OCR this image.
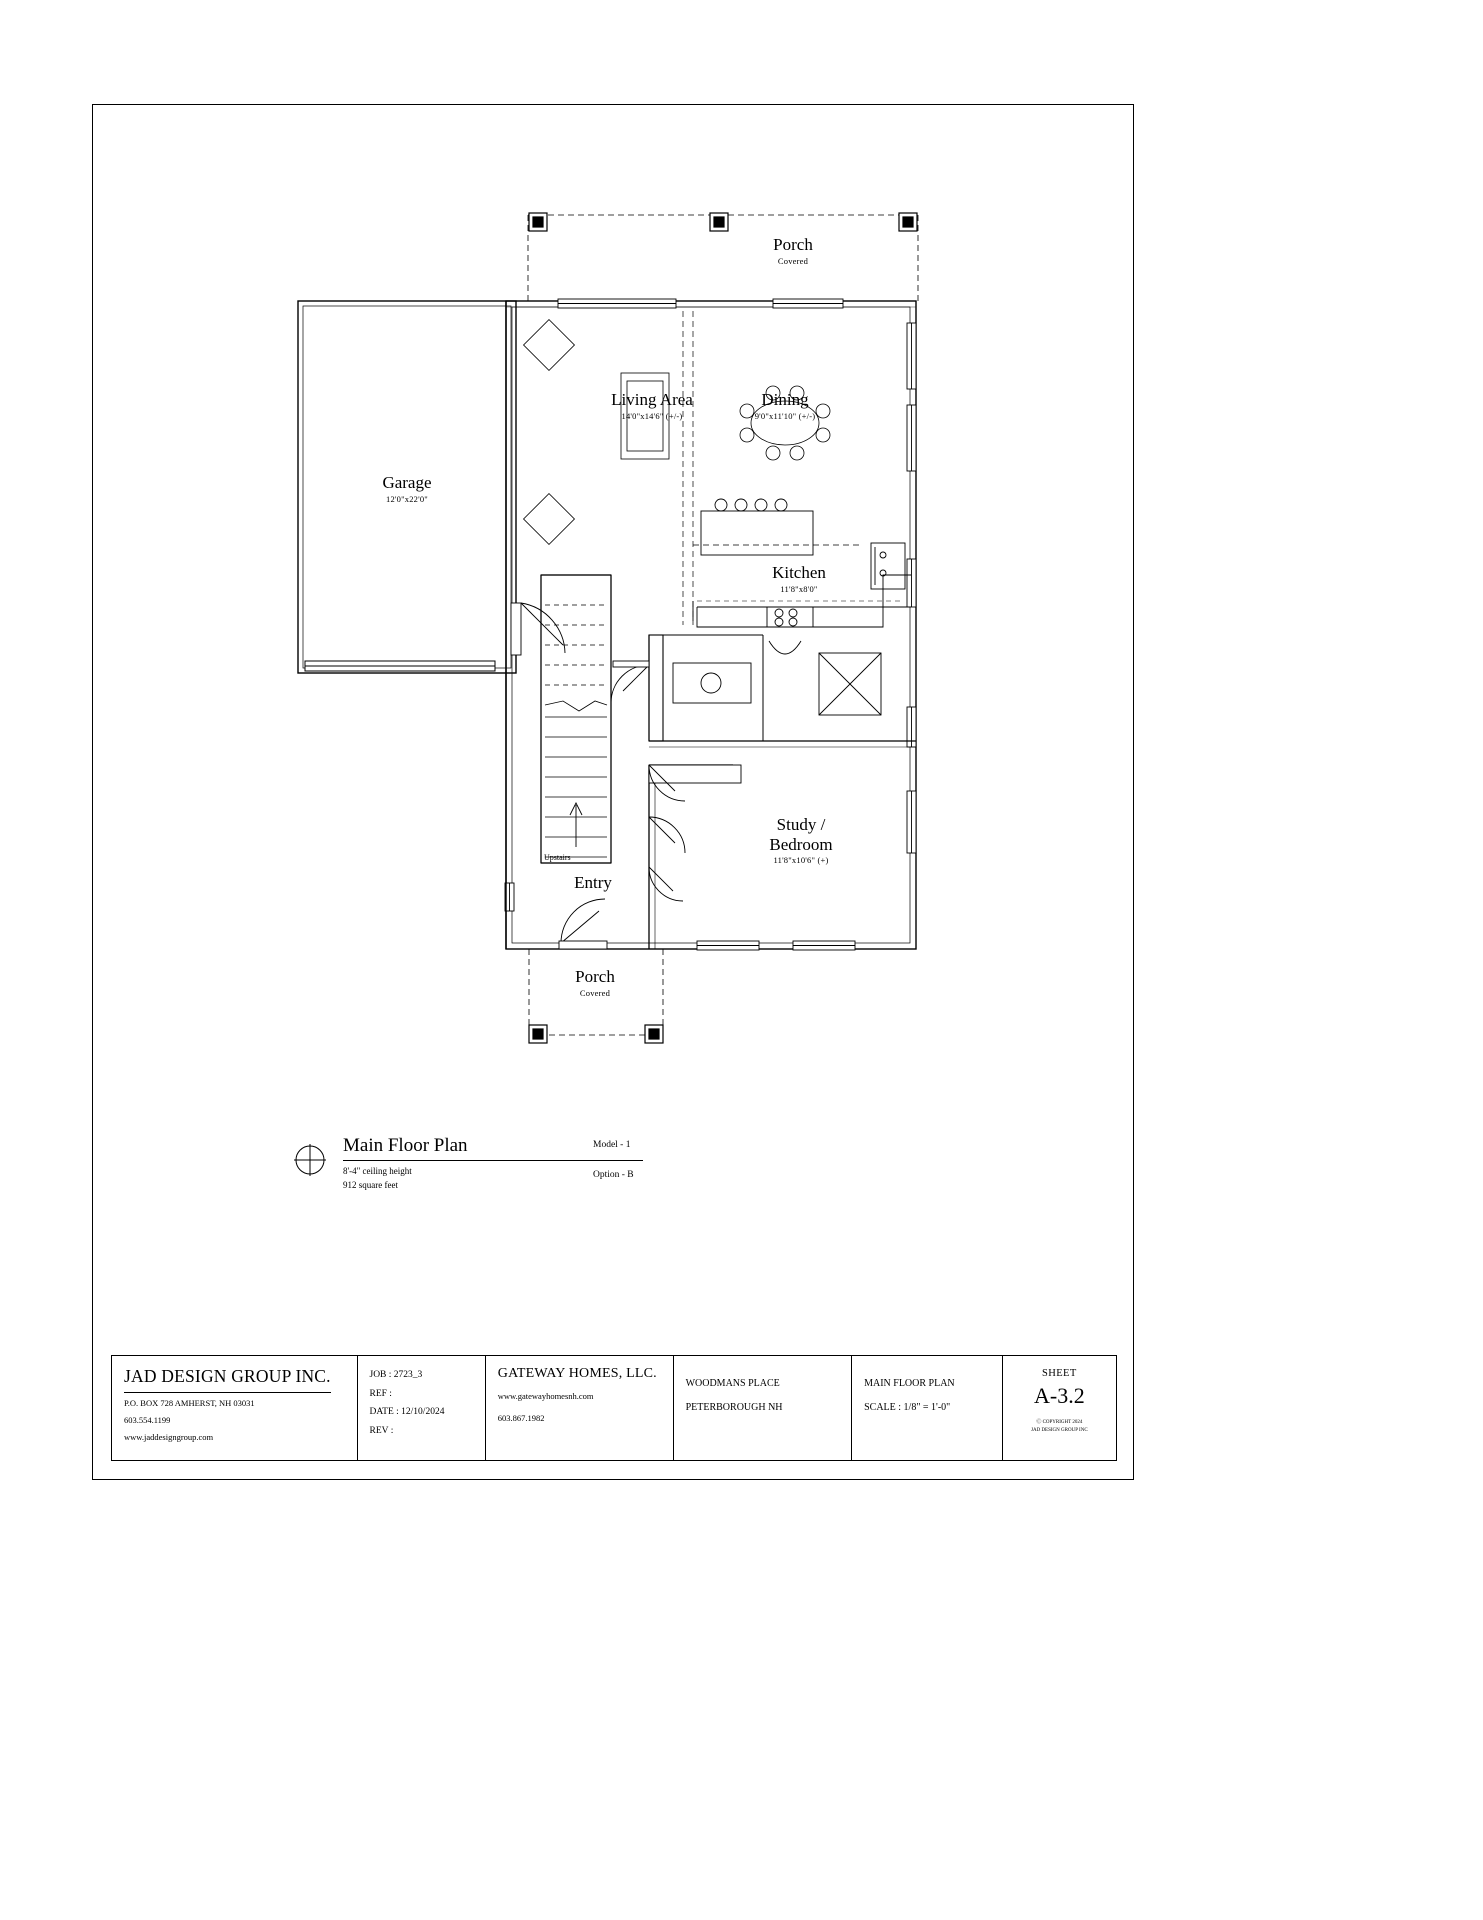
Garage
12'0"x22'0"
Living Area
14'0"x14'6" (+/-)
Dining
9'0"x11'10" (+/-)
Kitchen
11'8"x8'0"
Study /
Bedroom
11'8"x10'6" (+)
Entry
Porch
Covered
Porch
Covered
Upstairs
Main Floor Plan
8'-4" ceiling height
912 square feet
Model - 1
Option - B
JAD DESIGN GROUP INC.
P.O. BOX 728 AMHERST, NH 03031
603.554.1199
www.jaddesigngroup.com
JOB : 2723_3
REF :
DATE : 12/10/2024
REV :
GATEWAY HOMES, LLC.
www.gatewayhomesnh.com
603.867.1982
WOODMANS PLACE
PETERBOROUGH NH
MAIN FLOOR PLAN
SCALE : 1/8" = 1'-0"
SHEET
A-3.2
Ⓒ COPYRIGHT 2024
JAD DESIGN GROUP INC
